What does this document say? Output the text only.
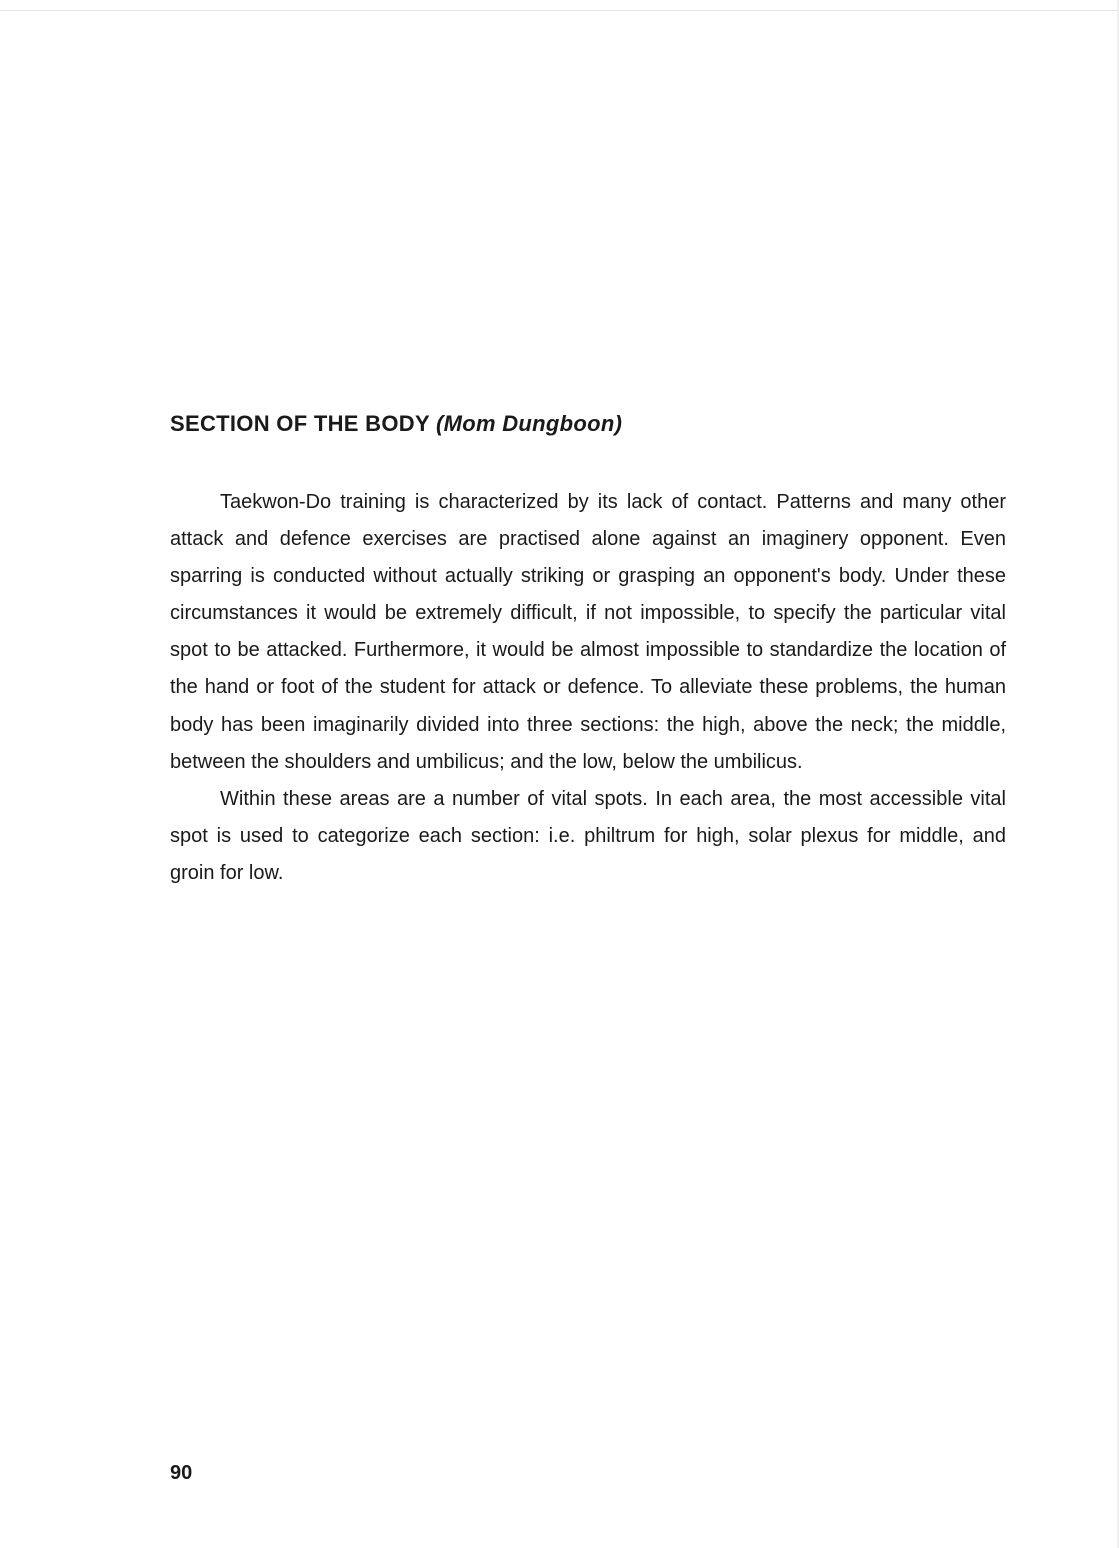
SECTION OF THE BODY (Mom Dungboon)

Taekwon-Do training is characterized by its lack of contact. Patterns and many other attack and defence exercises are practised alone against an imaginery opponent. Even sparring is conducted without actually striking or grasping an opponent's body. Under these circumstances it would be extremely difficult, if not impossible, to specify the particular vital spot to be attacked. Furthermore, it would be almost impossible to standardize the location of the hand or foot of the student for attack or defence. To alleviate these problems, the human body has been imaginarily divided into three sections: the high, above the neck; the middle, between the shoulders and umbilicus; and the low, below the umbilicus.

Within these areas are a number of vital spots. In each area, the most accessible vital spot is used to categorize each section: i.e. philtrum for high, solar plexus for middle, and groin for low.

90
